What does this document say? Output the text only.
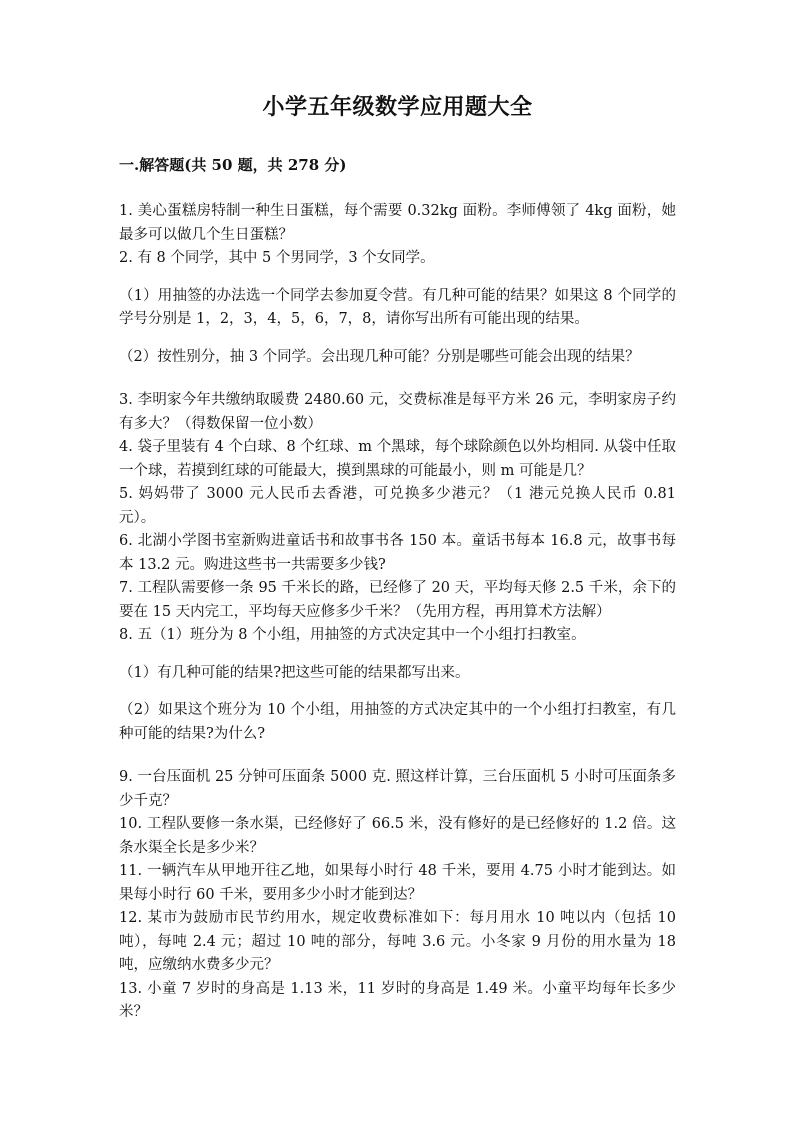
小学五年级数学应用题大全
一.解答题(共 50 题，共 278 分)

1. 美心蛋糕房特制一种生日蛋糕，每个需要 0.32kg 面粉。李师傅领了 4kg 面粉，她最多可以做几个生日蛋糕？

2. 有 8 个同学，其中 5 个男同学，3 个女同学。

（1）用抽签的办法选一个同学去参加夏令营。有几种可能的结果？如果这 8 个同学的学号分别是 1，2，3，4，5，6，7，8，请你写出所有可能出现的结果。

（2）按性别分，抽 3 个同学。会出现几种可能？分别是哪些可能会出现的结果？

3. 李明家今年共缴纳取暖费 2480.60 元，交费标准是每平方米 26 元，李明家房子约有多大？（得数保留一位小数）

4. 袋子里装有 4 个白球、8 个红球、m 个黑球，每个球除颜色以外均相同. 从袋中任取一个球，若摸到红球的可能最大，摸到黑球的可能最小，则 m 可能是几？

5. 妈妈带了 3000 元人民币去香港，可兑换多少港元？（1 港元兑换人民币 0.81 元）。

6. 北湖小学图书室新购进童话书和故事书各 150 本。童话书每本 16.8 元，故事书每本 13.2 元。购进这些书一共需要多少钱?

7. 工程队需要修一条 95 千米长的路，已经修了 20 天，平均每天修 2.5 千米，余下的要在 15 天内完工，平均每天应修多少千米？（先用方程，再用算术方法解）

8. 五（1）班分为 8 个小组，用抽签的方式决定其中一个小组打扫教室。

（1）有几种可能的结果?把这些可能的结果都写出来。

（2）如果这个班分为 10 个小组，用抽签的方式决定其中的一个小组打扫教室，有几种可能的结果?为什么?

9. 一台压面机 25 分钟可压面条 5000 克. 照这样计算，三台压面机 5 小时可压面条多少千克？

10. 工程队要修一条水渠，已经修好了 66.5 米，没有修好的是已经修好的 1.2 倍。这条水渠全长是多少米？

11. 一辆汽车从甲地开往乙地，如果每小时行 48 千米，要用 4.75 小时才能到达。如果每小时行 60 千米，要用多少小时才能到达？

12. 某市为鼓励市民节约用水，规定收费标准如下：每月用水 10 吨以内（包括 10 吨），每吨 2.4 元；超过 10 吨的部分，每吨 3.6 元。小冬家 9 月份的用水量为 18 吨，应缴纳水费多少元？

13. 小童 7 岁时的身高是 1.13 米，11 岁时的身高是 1.49 米。小童平均每年长多少米？
